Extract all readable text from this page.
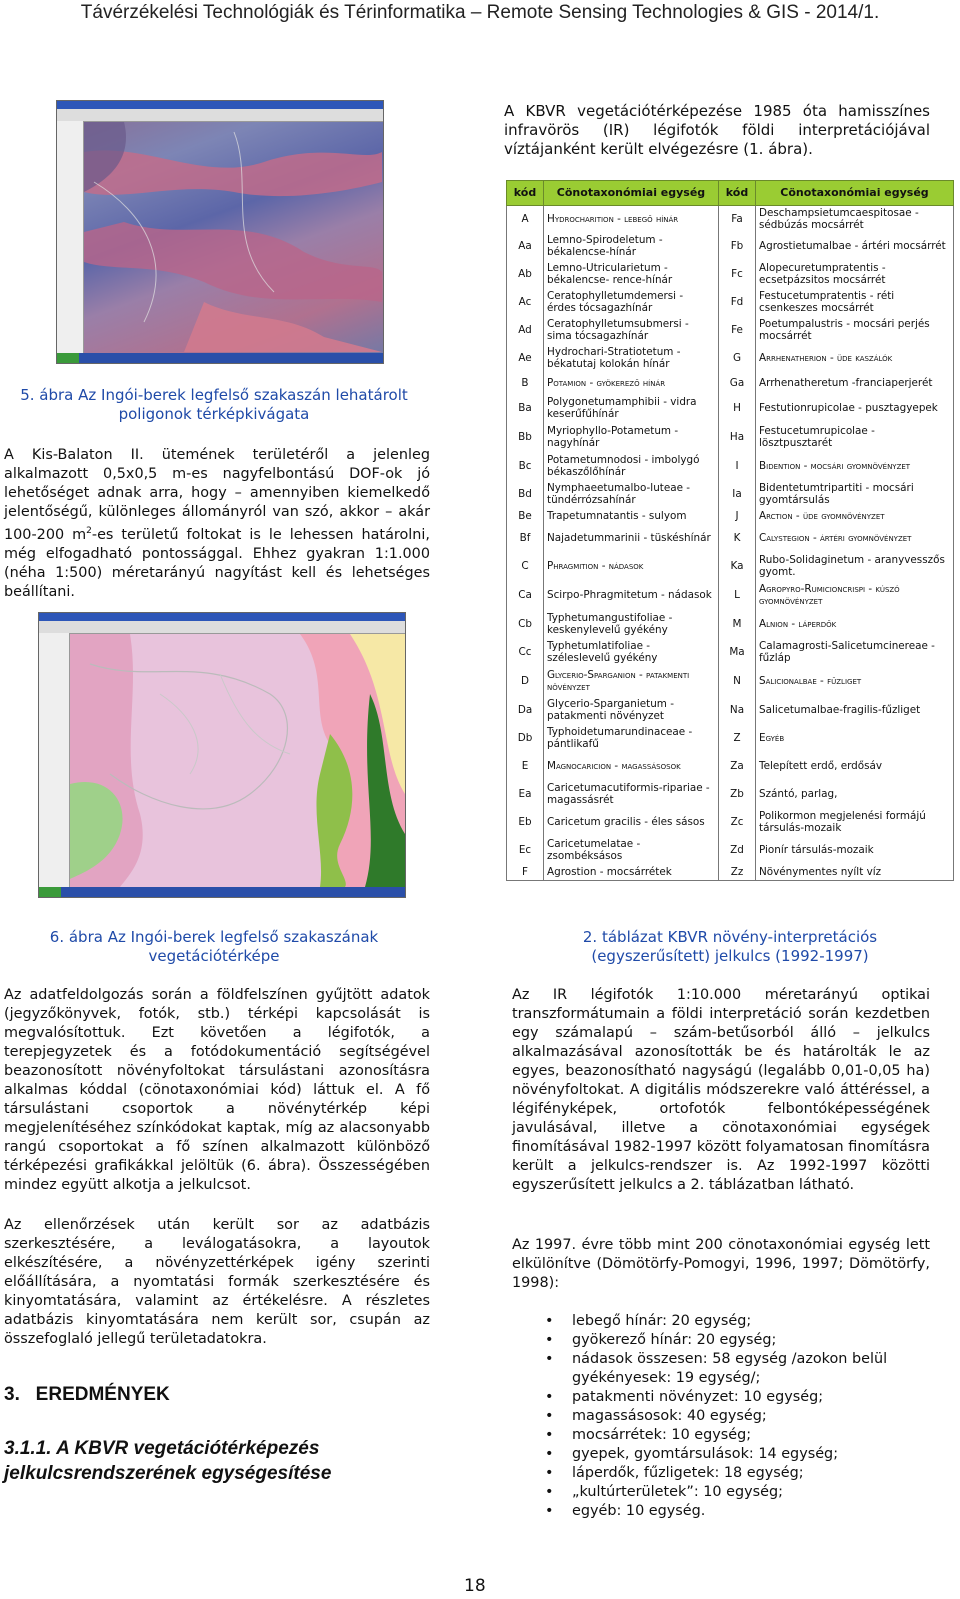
Távérzékelési Technológiák és Térinformatika – Remote Sensing Technologies & GIS - 2014/1.
A KBVR vegetációtérképezése 1985 óta hamisszínes infravörös (IR) légifotók földi interpretációjával víztájanként került elvégezésre (1. ábra).
5. ábra Az Ingói-berek legfelső szakaszán lehatárolt poligonok térképkivágata

A Kis-Balaton II. ütemének területéről a jelenleg alkalmazott 0,5x0,5 m-es nagyfelbontású DOF-ok jó lehetőséget adnak arra, hogy – amennyiben kiemelkedő jelentőségű, különleges állományról van szó, akkor – akár 100-200 $m^2-es$ területű foltokat is le lehessen határolni, még elfogadható pontossággal. Ehhez gyakran 1:1.000 (néha 1:500) méretarányú nagyítást kell és lehetséges beállítani.

6. ábra Az Ingói-berek legfelső szakaszának vegetációtérképe
kód	Cönotaxonómiai egység	kód	Cönotaxonómiai egység
A	Hydrocharition - lebegő hínár	Fa	Deschampsietumcaespitosae - sédbúzás mocsárrét
Aa	Lemno-Spirodeletum - békalencse-hínár	Fb	Agrostietumalbae - ártéri mocsárrét
Ab	Lemno-Utricularietum - békalencse- rence-hínár	Fc	Alopecuretumpratentis - ecsetpázsitos mocsárrét
Ac	Ceratophylletumdemersi - érdes tócsagazhínár	Fd	Festucetumpratentis - réti csenkeszes mocsárrét
Ad	Ceratophylletumsubmersi - sima tócsagazhínár	Fe	Poetumpalustris - mocsári perjés mocsárrét
Ae	Hydrochari-Stratiotetum - békatutaj kolokán hínár	G	Arrhenatherion - üde kaszálók
B	Potamion - gyökerező hínár	Ga	Arrhenatheretum -franciaperjerét
Ba	Polygonetumamphibii - vidra keserűfűhínár	H	Festutionrupicolae - pusztagyepek
Bb	Myriophyllo-Potametum - nagyhínár	Ha	Festucetumrupicolae - lösztpusztarét
Bc	Potametumnodosi - imbolygó békaszőlőhínár	I	Bidention - mocsári gyomnövényzet
Bd	Nymphaeetumalbo-luteae - tündérrózsahínár	Ia	Bidentetumtripartiti - mocsári gyomtársulás
Be	Trapetumnatantis - sulyom	J	Arction - üde gyomnövényzet
Bf	Najadetummarinii - tüskéshínár	K	Calystegion - ártéri gyomnövényzet
C	Phragmition - nádasok	Ka	Rubo-Solidaginetum - aranyvesszős gyomt.
Ca	Scirpo-Phragmitetum - nádasok	L	Agropyro-Rumicioncrispi - kúszó gyomnövényzet
Cb	Typhetumangustifoliae - keskenylevelű gyékény	M	Alnion - láperdők
Cc	Typhetumlatifoliae - széleslevelű gyékény	Ma	Calamagrosti-Salicetumcinereae - fűzláp
D	Glycerio-Sparganion - patakmenti növényzet	N	Salicionalbae - fűzliget
Da	Glycerio-Sparganietum - patakmenti növényzet	Na	Salicetumalbae-fragilis-fűzliget
Db	Typhoidetumarundinaceae - pántlikafű	Z	Egyéb
E	Magnocaricion - magassásosok	Za	Telepített erdő, erdősáv
Ea	Caricetumacutiformis-ripariae - magassásrét	Zb	Szántó, parlag,
Eb	Caricetum gracilis - éles sásos	Zc	Polikormon megjelenési formájú társulás-mozaik
Ec	Caricetumelatae - zsombéksásos	Zd	Pionír társulás-mozaik
F	Agrostion - mocsárrétek	Zz	Növénymentes nyílt víz
2. táblázat KBVR növény-interpretációs (egyszerűsített) jelkulcs (1992-1997)

Az adatfeldolgozás során a földfelszínen gyűjtött adatok (jegyzőkönyvek, fotók, stb.) térképi kapcsolását is megvalósítottuk. Ezt követően a légifotók, a terepjegyzetek és a fotódokumentáció segítségével beazonosított növényfoltokat társulástani azonosításra alkalmas kóddal (cönotaxonómiai kód) láttuk el. A fő társulástani csoportok a növénytérkép képi megjelenítéséhez színkódokat kaptak, míg az alacsonyabb rangú csoportokat a fő színen alkalmazott különböző térképezési grafikákkal jelöltük (6. ábra). Összességében mindez együtt alkotja a jelkulcsot.

Az ellenőrzések után került sor az adatbázis szerkesztésére, a leválogatásokra, a layoutok elkészítésére, a növényzettérképek igény szerinti előállítására, a nyomtatási formák szerkesztésére és kinyomtatására, valamint az értékelésre. A részletes adatbázis kinyomtatására nem került sor, csupán az összefoglaló jellegű területadatokra.

3.   EREDMÉNYEK
3.1.1. A KBVR vegetációtérképezés jelkulcsrendszerének egységesítése

Az IR légifotók 1:10.000 méretarányú optikai transzformátumain a földi interpretáció során kezdetben egy számalapú – szám-betűsorból álló – jelkulcs alkalmazásával azonosították be és határolták le az egyes, beazonosítható nagyságú (legalább 0,01-0,05 ha) növényfoltokat. A digitális módszerekre való áttéréssel, a légifényképek, ortofotók felbontóképességének javulásával, illetve a cönotaxonómiai egységek finomításával 1982-1997 között folyamatosan finomításra került a jelkulcs-rendszer is. Az 1992-1997 közötti egyszerűsített jelkulcs a 2. táblázatban látható.

Az 1997. évre több mint 200 cönotaxonómiai egység lett elkülönítve (Dömötörfy-Pomogyi, 1996, 1997; Dömötörfy, 1998):

• lebegő hínár: 20 egység;
• gyökerező hínár: 20 egység;
• nádasok összesen: 58 egység /azokon belül gyékényesek: 19 egység/;
• patakmenti növényzet: 10 egység;
• magassásosok: 40 egység;
• mocsárrétek: 10 egység;
• gyepek, gyomtársulások: 14 egység;
• láperdők, fűzligetek: 18 egység;
• „kultúrterületek”: 10 egység;
• egyéb: 10 egység.
18
